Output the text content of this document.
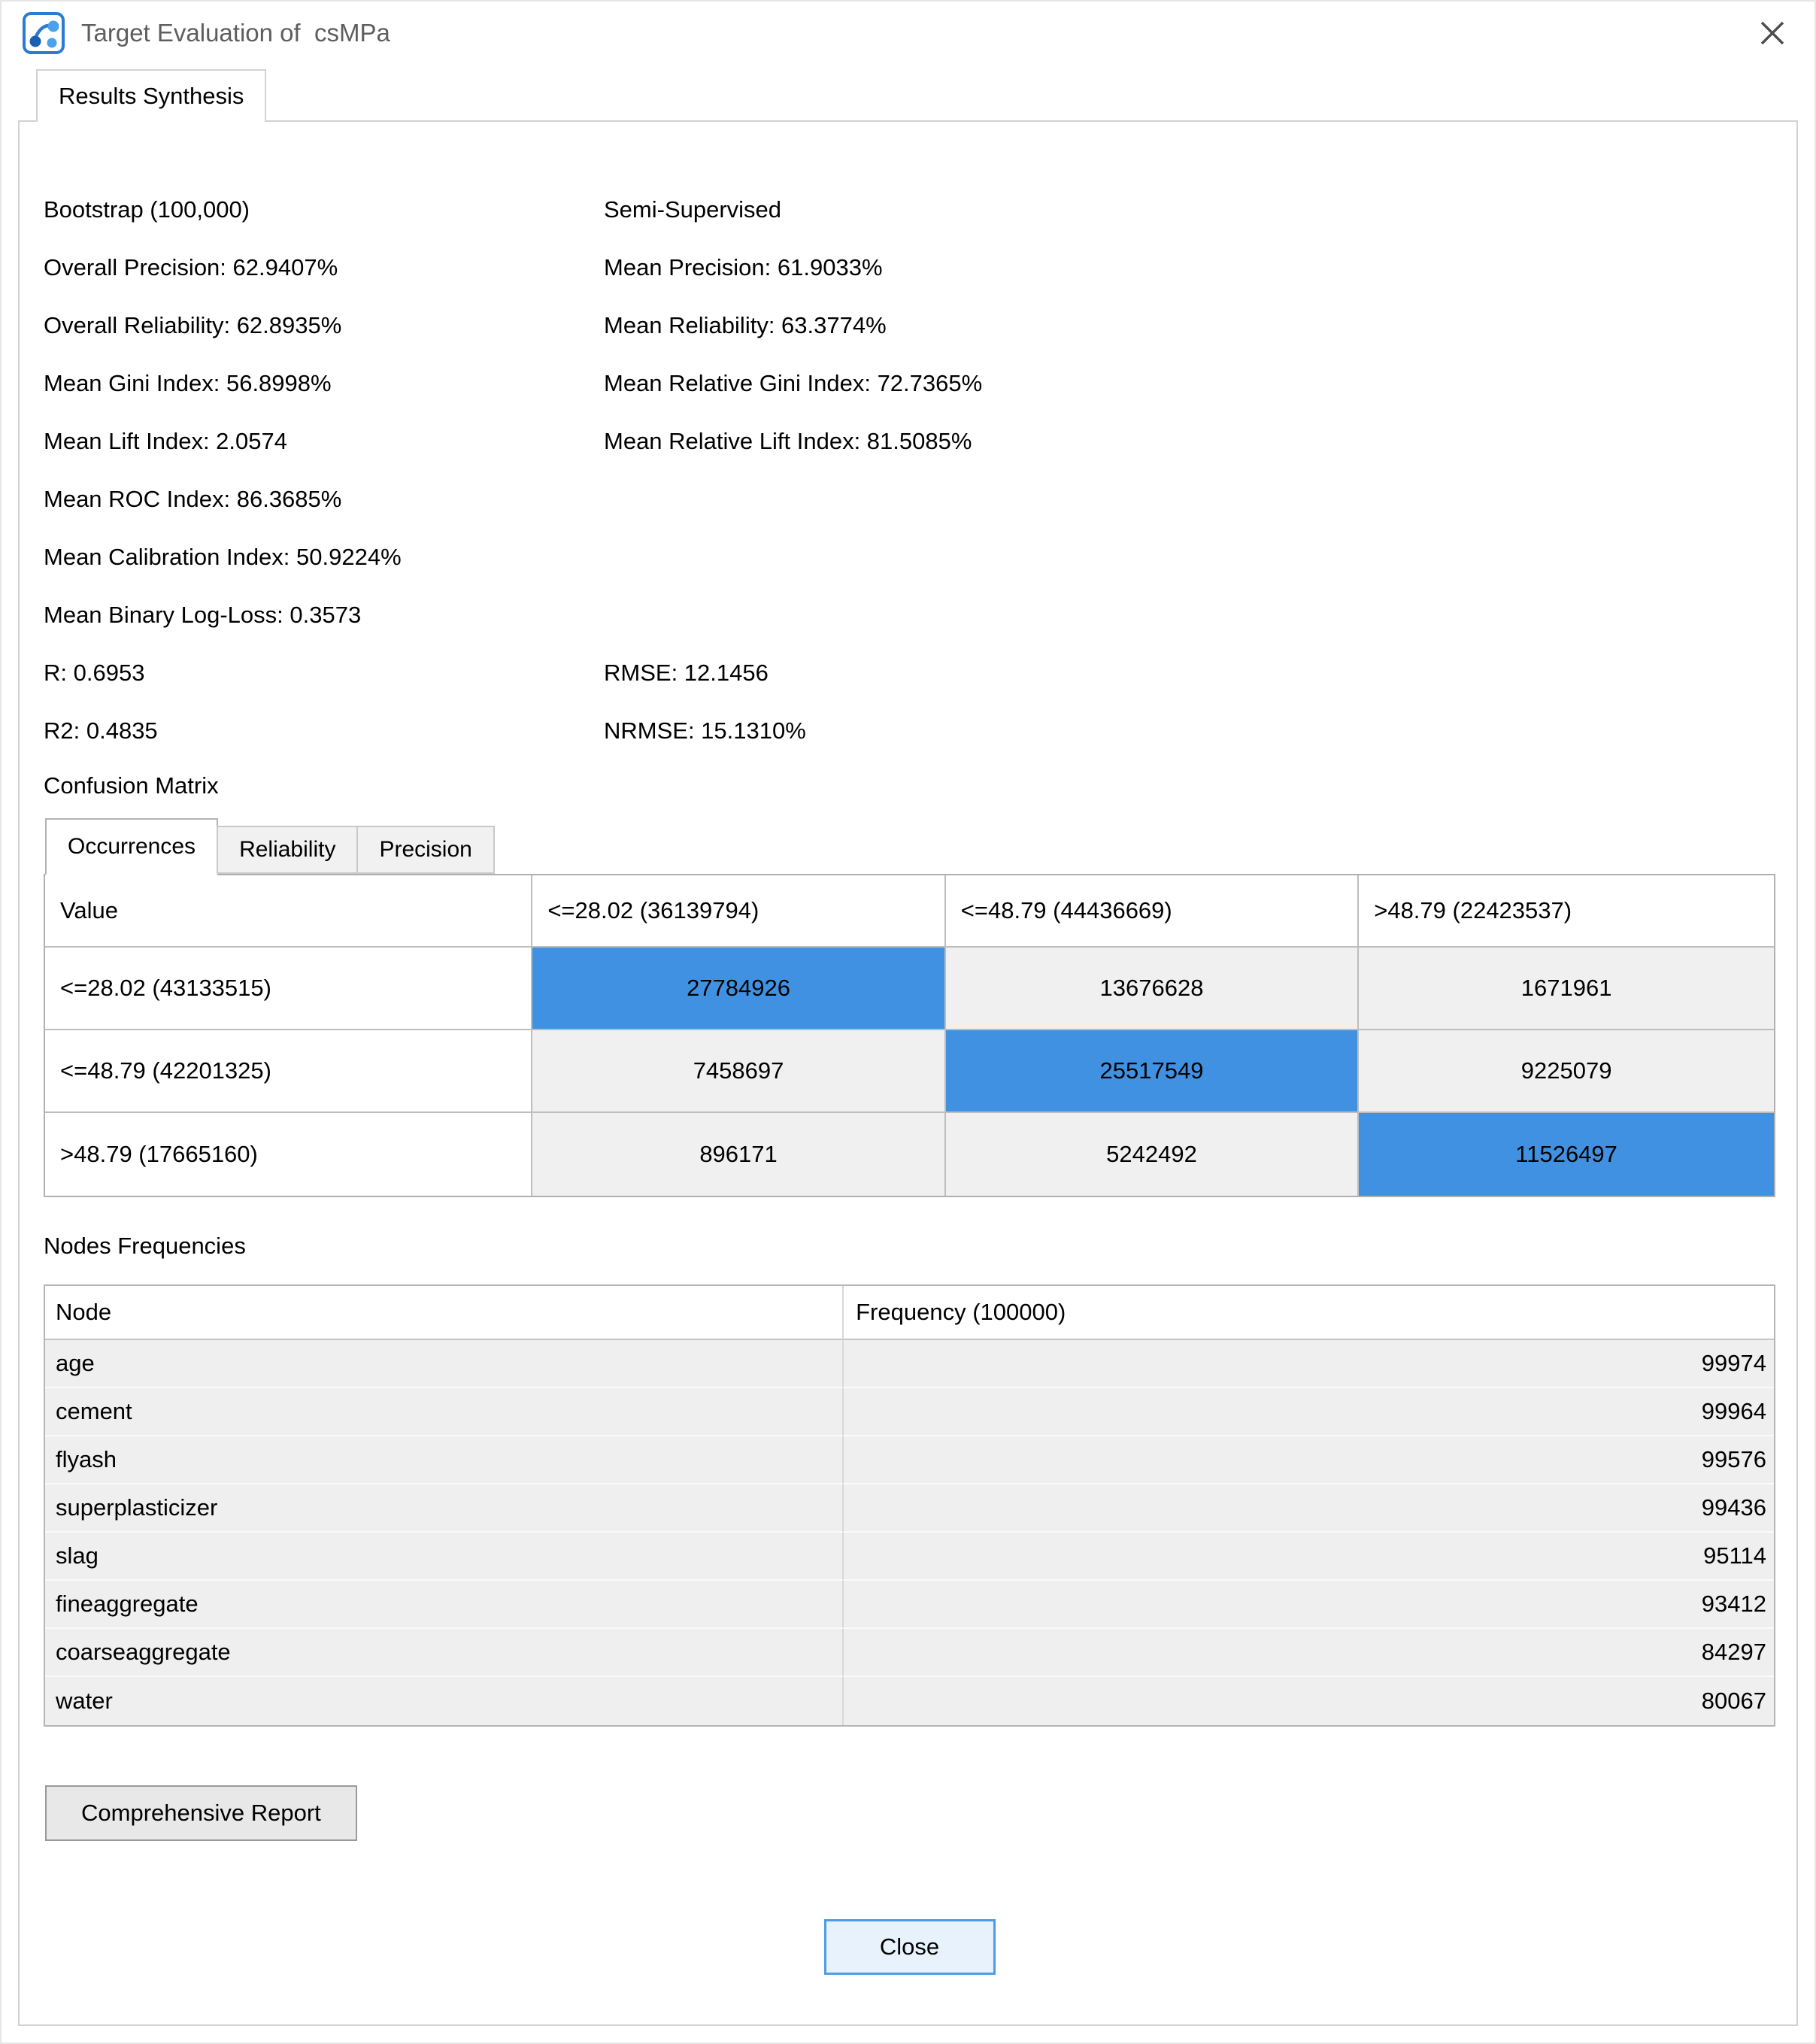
Target Evaluation of  csMPa
Results Synthesis
Bootstrap (100,000)	Semi-Supervised
Overall Precision: 62.9407%	Mean Precision: 61.9033%
Overall Reliability: 62.8935%	Mean Reliability: 63.3774%
Mean Gini Index: 56.8998%	Mean Relative Gini Index: 72.7365%
Mean Lift Index: 2.0574	Mean Relative Lift Index: 81.5085%
Mean ROC Index: 86.3685%
Mean Calibration Index: 50.9224%
Mean Binary Log-Loss: 0.3573
R: 0.6953	RMSE: 12.1456
R2: 0.4835	NRMSE: 15.1310%
Confusion Matrix
Occurrences	Reliability	Precision
Value	<=28.02 (36139794)	<=48.79 (44436669)	>48.79 (22423537)
<=28.02 (43133515)	27784926	13676628	1671961
<=48.79 (42201325)	7458697	25517549	9225079
>48.79 (17665160)	896171	5242492	11526497
Nodes Frequencies
Node	Frequency (100000)
age	99974
cement	99964
flyash	99576
superplasticizer	99436
slag	95114
fineaggregate	93412
coarseaggregate	84297
water	80067
Comprehensive Report
Close
